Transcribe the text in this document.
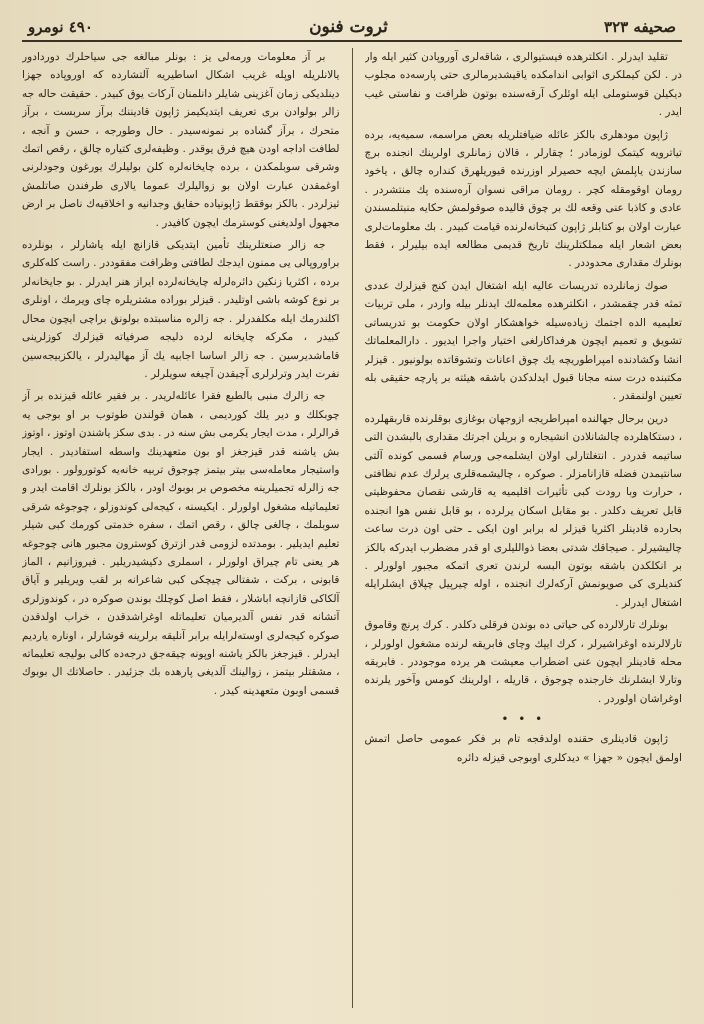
صحیفه ٣٢٣
ثروت فنون
٤٩٠ نومرو

تقلید ایدرلر . انکلترهده فیستیوالری ، شاقه‌لری آوروپادن کثیر ایله وار در . لکن کیملکری اثوابی اندامکده یاقیشدیرمالری حتی پارسه‌ده مجلوب دیکیلن قوستوملی ایله اوئلرک آرقه‌سنده بوتون ظرافت و نفاستی غیب ایدر .

ژاپون مودهلری بالکز عائله‌ ضیافتلریله بعض مراسمه، سمیه‌یه، برده تیاترویه کیتمک لوزمادر ؛ چقارلر ، قالان زمانلری اولرینك انجنده برچ سازندن یاپلمش ایچه حصیرلر اوزرنده قیوریلهرق کنداره چالق ، یاخود رومان اوقومقله کچر . رومان مراقی نسوان آره‌سنده پك منتشردر . عادی و کاذبا عنی وقعه‌ لك بر چوق قالیده صوقولمش حکایه منبتلمسندن عبارت اولان بو کتابلر ژاپون کتبخانه‌لرنده قیامت کبیدر . بك معلومات‌لری بعض اشعار ایله مملکتلرینك تاریخ قدیمی مطالعه ایده بیلیرلر ، فقط بونلرك مقداری محدوددر .

صوك زمانلرده تدریسات عالیه ایله اشتغال ایدن کنج قیزلرك عددی تمثه قدر چقمشدر ، انکلترهده معلمه‌لك ایدنلر بیله واردر ، ملی تربیات تعلیمیه الده اجتمك زیاده‌سیله خواهشکار اولان حکومت بو تدریساتی تشویق و تعمیم ایچون هرفداکارلغی اختیار واجرا ایدیور . دارالمعلماتك انشا وکشادنده امپراطوریچه‌ یك چوق اعانات وتشوقاتده بولونیور . قیزلر مکتبنده درت سنه مجانا قبول ایدلدکدن باشقه هیئته بر پارچه حقیقی بله تعیین اولنمقدر .

درین برحال جهالنده امپراطریجه‌ ازوجهان بوغازی بوقلرنده قاربقهلرده ، دستکاهلرده چالشانلادن انشیجاره و بریلن اجرتك مقداری بالبشدن التی ساتیمه قدردر . انتغلتارلی اولان ایشلمه‌جی ورسام قسمی کونده آلتی سانتیمدن فضله قازانامزلر . صوکره ، چالیشمه‌قلری یرلرك عدم نظافتی ، حرارت وبا رودت کبی تأثیرات اقلیمیه‌ یه قارشی نقصان محفوظیتی قابل تعریف دکلدر . بو مقابل اسکان یرلرده ، بو قابل نفس هوا انجنده بحارده قادینلر اکثریا قیزلر له برابر اون ایکی ـ حتی اون درت ساعت چالیشیرلر . صیجاقك شدتی بعضا ذواللیلری او قدر مضطرب ایدرکه بالکز بر انکلکدن باشقه بوتون البسه‌ لرندن تعری اتمکه مجبور اولورلر . کندیلری کی صویونمش آرکه‌لرك انجنده ، اوله چیرپیل چپلاق ایشلرایله اشتغال ایدرلر .

بونلرك تارلالرده‌ کی حیاتی ده بوندن فرقلی دکلدر . کرك پرنچ وقاموق تارلالرنده اوغراشیرلر ، کرك ایپك وچای فابریقه‌ لرنده مشغول اولورلر ، محله قادینلر ایچون عنی اضطراب معیشت هر یرده موجوددر . فابریقه‌ وتارلا ایشلرنك خارجنده چوجوق ، قاریله ، اولرینك کومس وآخور یلرنده اوغراشان اولوردر .

• • •

ژاپون قادینلری حقنده اولدقجه تام بر فکر عمومی حاصل اتمش اولمق ایچون « جهزا » دیدکلری اوبوجی قیزله دائره

بر آز معلومات ورمه‌لی یز : بونلر مبالغه‌ جی سیاحلرك دوردادور یالانلریله اوپله غریب اشکال اساطیریه آلتشارده که اوروپاده جهزا دینلدیکی زمان آغزینی شایلر دانلمنان آرکات یوق کبیدر . حقیقت حاله جه زالر بولوادن بری تعریف ایتدیکیمز ژاپون قادیننك برآز سربست ، برآز متحرك ، برآز گشاده بر نمونه‌سیدر . حال وطورجه ، حسن و آنجه ، لطافت اداجه اودن هیچ فرق یوقدر . وظیفه‌لری کتیاره چالق ، رقص اتمك وشرقی سوبلمکدن ، برده چایخانه‌لره کلن بولیلرك یورغون وجودلرنی اوغمقدن عبارت اولان بو زوالیلرك عموما یالاری طرفندن صاتلمش ثیزلردر . بالکز بوققط ژاپونیاده حقایق وجدانیه و اخلاقیه‌ك ناصل بر ارض مجهول اولدیغنی کوسترمك ایچون کافیدر .

جه زالر صنعتلرینك تأمین ایتدیکی قازانچ ایله یاشارلر ، بونلرده براوروپالی یی ممنون ایدجك لطافتی وظرافت مفقوددر . راست کله‌کلری برده ، اکثریا زنکین دائره‌لرله چایخانه‌لرده ایراز هنر ایدرلر . بو جایخانه‌لر بر نوع کوشه باشی اوتلیدر . قیزلر بوراده مشتریلره چای ویرمك ، اونلری اکلندرمك ایله مکلفدرلر . جه زالره مناسبتده بولونق براچی ایچون محال کبیدر ، مکرکه چایخانه‌ لرده دلیجه صرفیاته قیزلرك کوزلرینی قاماشدیرسین . جه زالر اساسا اجابیه یك آز مهالیدرلر ، یالکزبیجه‌سین نفرت ایدر وترلرلری آچیقدن آچیغه سویلرلر .

جه زالرك منبی بالطبع فقرا عائله‌لریدر . بر فقیر عائله قیزنده بر آز چوبکلك و دیر یلك کوردیمی ، همان قولندن طوتوب بر او بوجی یه قرالرلر ، مدت ایجار یکرمی بش سنه‌ در . بدی سکز یاشندن اوتوز ، اوتوز بش یاشنه قدر قیزجغز او بون متعهدینك واسطه‌ استفادیدر . ایجار واستیجار معامله‌سی بیتر بیتمز چوجوق تربیه‌ خانه‌یه کوتورولور . بورادی جه زالرله تجمیلرینه مخصوص بر بوبوك اودر ، بالکز بونلرك اقامت ایدر و تعلیماتیله مشغول اولورلر . ایکیسنه ، کیجه‌لی کوندوزلو ، چوجوغه شرقی سوبلمك ، چالغی چالق ، رقص اتمك ، سفره خدمتی کورمك کبی شیلر تعلیم ایدیلیر . بومدتده لزومی قدر ازترق کوسترون مجبور هانی چوجوغه هر یعنی تام چیراق اولورلر ، اسملری دکیشیدریلیر . فیروزانیم ، الماز قابونی ، برکت ، شفتالی چیچکی کبی شاعرانه بر لقب ویریلیر و آیاق آلکاکی قازانچه اباشلار ، فقط اصل کوچلك بوندن صوکره‌ در ، کوندوزلری آتشانه قدر نفس آلدیرمیان تعلیماتله اوغراشدقدن ، خراب اولدقدن صوکره کیجه‌لری اوسته‌لرایله برابر آنلیقه برلرینه قوشارلر ، اوناره یاردیم ایدرلر . قیزجغز بالکز یاشنه اوپونه چیقه‌جق درجه‌ده کالی بولیجه تعلیماته ، مشقتلر بیتمز ، زوالینك آلدیغی پارهده بك جزئیدر . حاصلاتك ال بوبوك قسمی اوبون متعهدینه کیدر .
